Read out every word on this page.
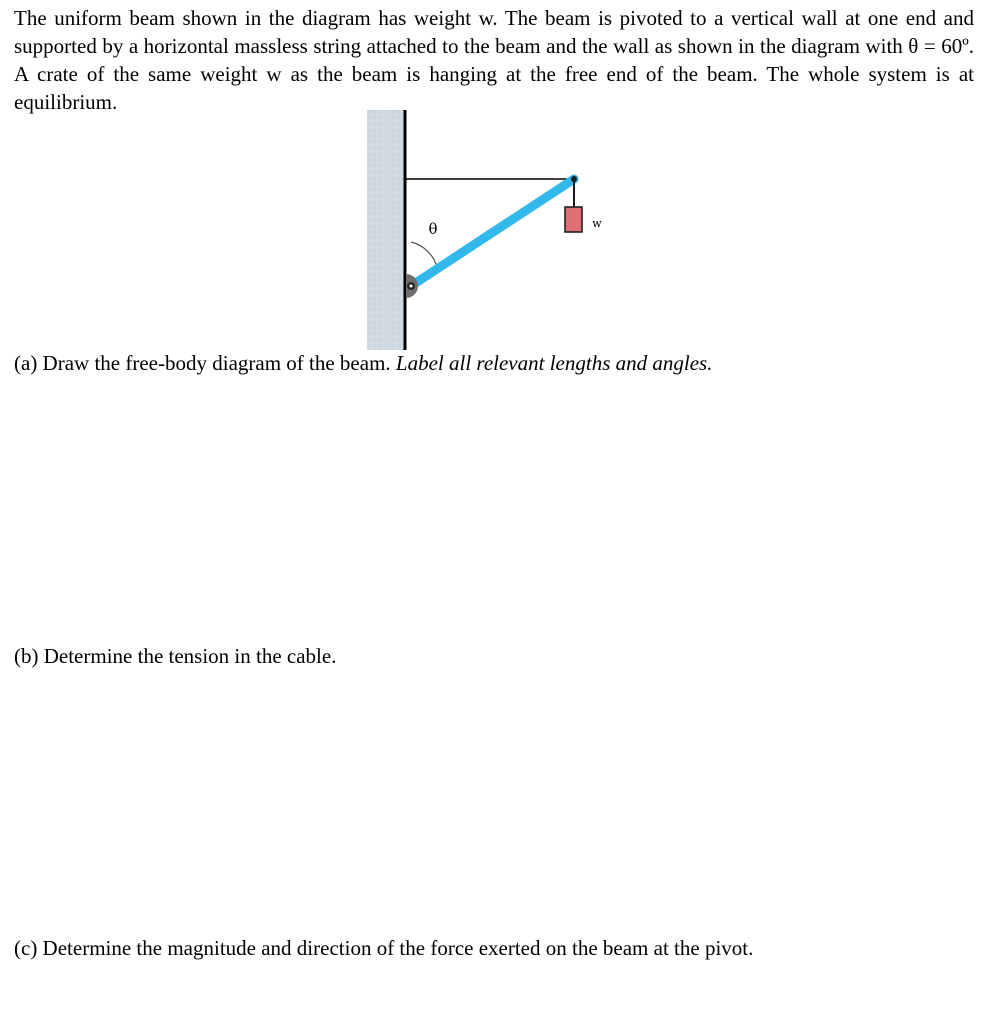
The uniform beam shown in the diagram has weight w. The beam is pivoted to a vertical wall at one end and supported by a horizontal massless string attached to the beam and the wall as shown in the diagram with θ = 60º. A crate of the same weight w as the beam is hanging at the free end of the beam. The whole system is at equilibrium.

θ	w

(a) Draw the free-body diagram of the beam. Label all relevant lengths and angles.

(b) Determine the tension in the cable.

(c) Determine the magnitude and direction of the force exerted on the beam at the pivot.
